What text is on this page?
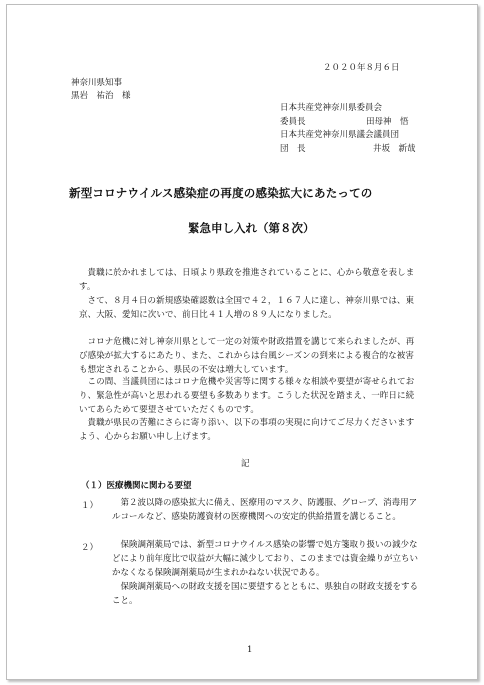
２０２０年８月６日
神奈川県知事
黒岩　祐治　様
日本共産党神奈川県委員会
委員長	田母神　悟
日本共産党神奈川県議会議員団
団　長	井坂　新哉
新型コロナウイルス感染症の再度の感染拡大にあたっての
緊急申し入れ（第８次）
貴職に於かれましては、日頃より県政を推進されていることに、心から敬意を表します。
さて、８月４日の新規感染確認数は全国で４２，１６７人に達し、神奈川県では、東京、大阪、愛知に次いで、前日比４１人増の８９人になりました。
コロナ危機に対し神奈川県として一定の対策や財政措置を講じて来られましたが、再び感染が拡大するにあたり、また、これからは台風シーズンの到来による複合的な被害も想定されることから、県民の不安は増大しています。
この間、当議員団にはコロナ危機や災害等に関する様々な相談や要望が寄せられており、緊急性が高いと思われる要望も多数あります。こうした状況を踏まえ、一昨日に続いてあらためて要望させていただくものです。
貴職が県民の苦難にさらに寄り添い、以下の事項の実現に向けてご尽力くださいますよう、心からお願い申し上げます。
記
（１）医療機関に関わる要望
１）	第２波以降の感染拡大に備え、医療用のマスク、防護服、グローブ、消毒用アルコールなど、感染防護資材の医療機関への安定的供給措置を講じること。
２）	保険調剤薬局では、新型コロナウイルス感染の影響で処方箋取り扱いの減少などにより前年度比で収益が大幅に減少しており、このままでは資金繰りが立ちいかなくなる保険調剤薬局が生まれかねない状況である。
保険調剤薬局への財政支援を国に要望するとともに、県独自の財政支援をすること。
1
